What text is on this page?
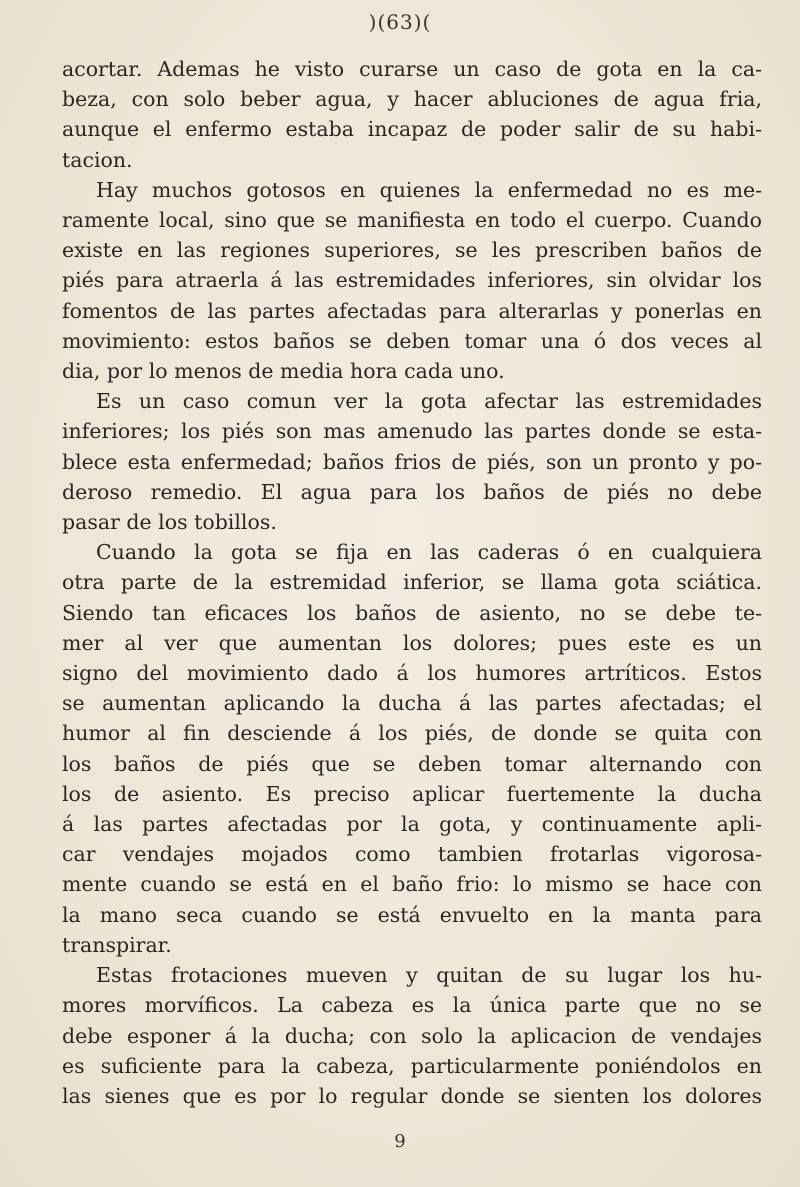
)(63)(

acortar. Ademas he visto curarse un caso de gota en la ca-

beza, con solo beber agua, y hacer abluciones de agua fria,

aunque el enfermo estaba incapaz de poder salir de su habi-

tacion.

Hay muchos gotosos en quienes la enfermedad no es me-

ramente local, sino que se manifiesta en todo el cuerpo. Cuando

existe en las regiones superiores, se les prescriben baños de

piés para atraerla á las estremidades inferiores, sin olvidar los

fomentos de las partes afectadas para alterarlas y ponerlas en

movimiento: estos baños se deben tomar una ó dos veces al

dia, por lo menos de media hora cada uno.

Es un caso comun ver la gota afectar las estremidades

inferiores; los piés son mas amenudo las partes donde se esta-

blece esta enfermedad; baños frios de piés, son un pronto y po-

deroso remedio. El agua para los baños de piés no debe

pasar de los tobillos.

Cuando la gota se fija en las caderas ó en cualquiera

otra parte de la estremidad inferior, se llama gota sciática.

Siendo tan eficaces los baños de asiento, no se debe te-

mer al ver que aumentan los dolores; pues este es un

signo del movimiento dado á los humores artríticos. Estos

se aumentan aplicando la ducha á las partes afectadas; el

humor al fin desciende á los piés, de donde se quita con

los baños de piés que se deben tomar alternando con

los de asiento. Es preciso aplicar fuertemente la ducha

á las partes afectadas por la gota, y continuamente apli-

car vendajes mojados como tambien frotarlas vigorosa-

mente cuando se está en el baño frio: lo mismo se hace con

la mano seca cuando se está envuelto en la manta para

transpirar.

Estas frotaciones mueven y quitan de su lugar los hu-

mores morvíficos. La cabeza es la única parte que no se

debe esponer á la ducha; con solo la aplicacion de vendajes

es suficiente para la cabeza, particularmente poniéndolos en

las sienes que es por lo regular donde se sienten los dolores

9
